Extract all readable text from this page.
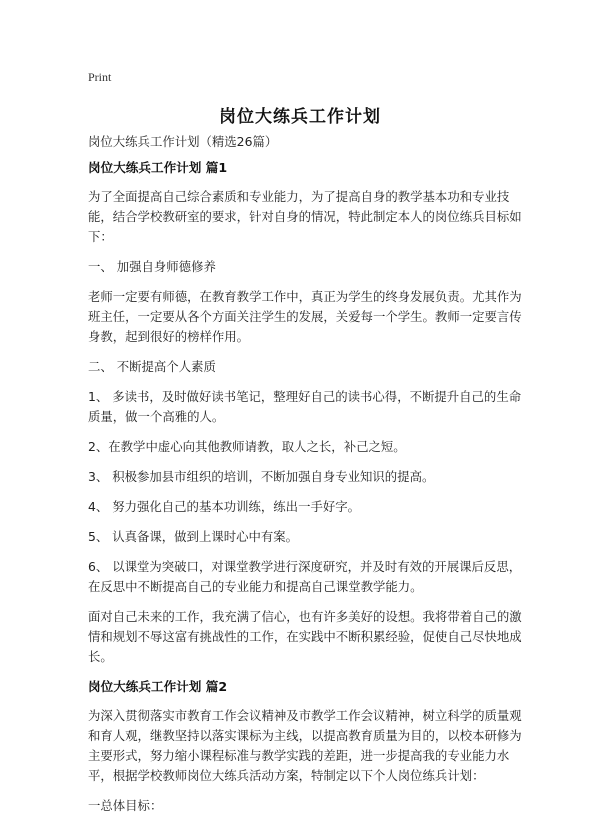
Print
岗位大练兵工作计划

岗位大练兵工作计划（精选26篇）

岗位大练兵工作计划 篇1

为了全面提高自己综合素质和专业能力，为了提高自身的教学基本功和专业技能，结合学校教研室的要求，针对自身的情况，特此制定本人的岗位练兵目标如下：

一、 加强自身师德修养

老师一定要有师德，在教育教学工作中，真正为学生的终身发展负责。尤其作为班主任，一定要从各个方面关注学生的发展，关爱每一个学生。教师一定要言传身教，起到很好的榜样作用。

二、 不断提高个人素质

1、 多读书，及时做好读书笔记，整理好自己的读书心得，不断提升自己的生命质量，做一个高雅的人。

2、在教学中虚心向其他教师请教，取人之长，补己之短。

3、 积极参加县市组织的培训，不断加强自身专业知识的提高。

4、 努力强化自己的基本功训练，练出一手好字。

5、 认真备课，做到上课时心中有案。

6、 以课堂为突破口，对课堂教学进行深度研究，并及时有效的开展课后反思，在反思中不断提高自己的专业能力和提高自己课堂教学能力。

面对自己未来的工作，我充满了信心，也有许多美好的设想。我将带着自己的激情和规划不辱这富有挑战性的工作，在实践中不断积累经验，促使自己尽快地成长。

岗位大练兵工作计划 篇2

为深入贯彻落实市教育工作会议精神及市教学工作会议精神，树立科学的质量观和育人观，继教坚持以落实课标为主线，以提高教育质量为目的，以校本研修为主要形式，努力缩小课程标准与教学实践的差距，进一步提高我的专业能力水平，根据学校教师岗位大练兵活动方案，特制定以下个人岗位练兵计划：

一总体目标：
